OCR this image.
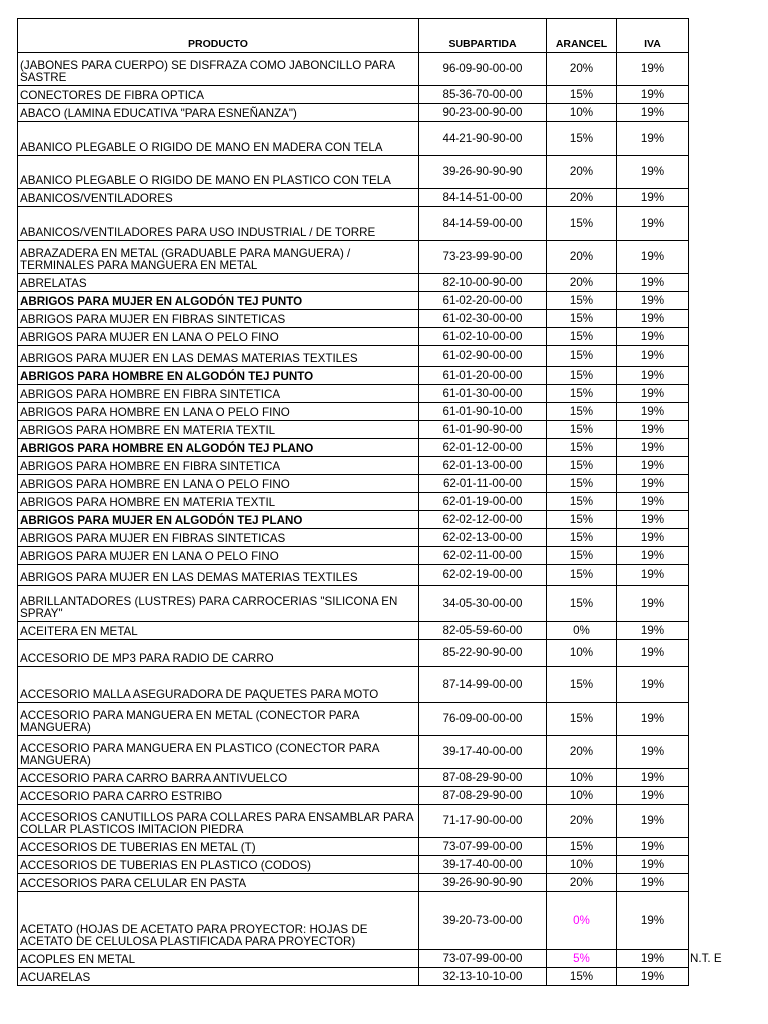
PRODUCTO	SUBPARTIDA	ARANCEL	IVA
(JABONES PARA CUERPO) SE DISFRAZA COMO JABONCILLO PARA SASTRE	96-09-90-00-00	20%	19%
CONECTORES DE FIBRA OPTICA	85-36-70-00-00	15%	19%
ABACO (LAMINA EDUCATIVA "PARA ESNEÑANZA")	90-23-00-90-00	10%	19%
ABANICO PLEGABLE O RIGIDO DE MANO EN MADERA CON TELA	44-21-90-90-00	15%	19%
ABANICO PLEGABLE O RIGIDO DE MANO EN PLASTICO CON TELA	39-26-90-90-90	20%	19%
ABANICOS/VENTILADORES	84-14-51-00-00	20%	19%
ABANICOS/VENTILADORES PARA USO INDUSTRIAL / DE TORRE	84-14-59-00-00	15%	19%
ABRAZADERA EN METAL (GRADUABLE PARA MANGUERA) / TERMINALES PARA MANGUERA EN METAL	73-23-99-90-00	20%	19%
ABRELATAS	82-10-00-90-00	20%	19%
ABRIGOS PARA MUJER EN ALGODÓN TEJ PUNTO	61-02-20-00-00	15%	19%
ABRIGOS PARA MUJER EN FIBRAS SINTETICAS	61-02-30-00-00	15%	19%
ABRIGOS PARA MUJER EN LANA O PELO FINO	61-02-10-00-00	15%	19%
ABRIGOS PARA MUJER EN LAS DEMAS MATERIAS TEXTILES	61-02-90-00-00	15%	19%
ABRIGOS PARA HOMBRE EN ALGODÓN TEJ PUNTO	61-01-20-00-00	15%	19%
ABRIGOS PARA HOMBRE EN FIBRA SINTETICA	61-01-30-00-00	15%	19%
ABRIGOS PARA HOMBRE EN LANA O PELO FINO	61-01-90-10-00	15%	19%
ABRIGOS PARA HOMBRE EN MATERIA TEXTIL	61-01-90-90-00	15%	19%
ABRIGOS PARA HOMBRE EN ALGODÓN TEJ PLANO	62-01-12-00-00	15%	19%
ABRIGOS PARA HOMBRE EN FIBRA SINTETICA	62-01-13-00-00	15%	19%
ABRIGOS PARA HOMBRE EN LANA O PELO FINO	62-01-11-00-00	15%	19%
ABRIGOS PARA HOMBRE EN MATERIA TEXTIL	62-01-19-00-00	15%	19%
ABRIGOS PARA MUJER EN ALGODÓN TEJ PLANO	62-02-12-00-00	15%	19%
ABRIGOS PARA MUJER EN FIBRAS SINTETICAS	62-02-13-00-00	15%	19%
ABRIGOS PARA MUJER EN LANA O PELO FINO	62-02-11-00-00	15%	19%
ABRIGOS PARA MUJER EN LAS DEMAS MATERIAS TEXTILES	62-02-19-00-00	15%	19%
ABRILLANTADORES (LUSTRES) PARA CARROCERIAS "SILICONA EN SPRAY"	34-05-30-00-00	15%	19%
ACEITERA EN METAL	82-05-59-60-00	0%	19%
ACCESORIO DE MP3 PARA RADIO DE CARRO	85-22-90-90-00	10%	19%
ACCESORIO MALLA ASEGURADORA DE PAQUETES PARA MOTO	87-14-99-00-00	15%	19%
ACCESORIO PARA MANGUERA EN METAL (CONECTOR PARA MANGUERA)	76-09-00-00-00	15%	19%
ACCESORIO PARA MANGUERA EN PLASTICO (CONECTOR PARA MANGUERA)	39-17-40-00-00	20%	19%
ACCESORIO PARA CARRO BARRA ANTIVUELCO	87-08-29-90-00	10%	19%
ACCESORIO PARA CARRO ESTRIBO	87-08-29-90-00	10%	19%
ACCESORIOS CANUTILLOS PARA COLLARES PARA ENSAMBLAR PARA COLLAR PLASTICOS IMITACION PIEDRA	71-17-90-00-00	20%	19%
ACCESORIOS DE TUBERIAS EN METAL (T)	73-07-99-00-00	15%	19%
ACCESORIOS DE TUBERIAS EN PLASTICO (CODOS)	39-17-40-00-00	10%	19%
ACCESORIOS PARA CELULAR EN PASTA	39-26-90-90-90	20%	19%
ACETATO (HOJAS DE ACETATO PARA PROYECTOR: HOJAS DE ACETATO DE CELULOSA PLASTIFICADA PARA PROYECTOR)	39-20-73-00-00	0%	19%
ACOPLES EN METAL	73-07-99-00-00	5%	19%
ACUARELAS	32-13-10-10-00	15%	19%
N.T. E
